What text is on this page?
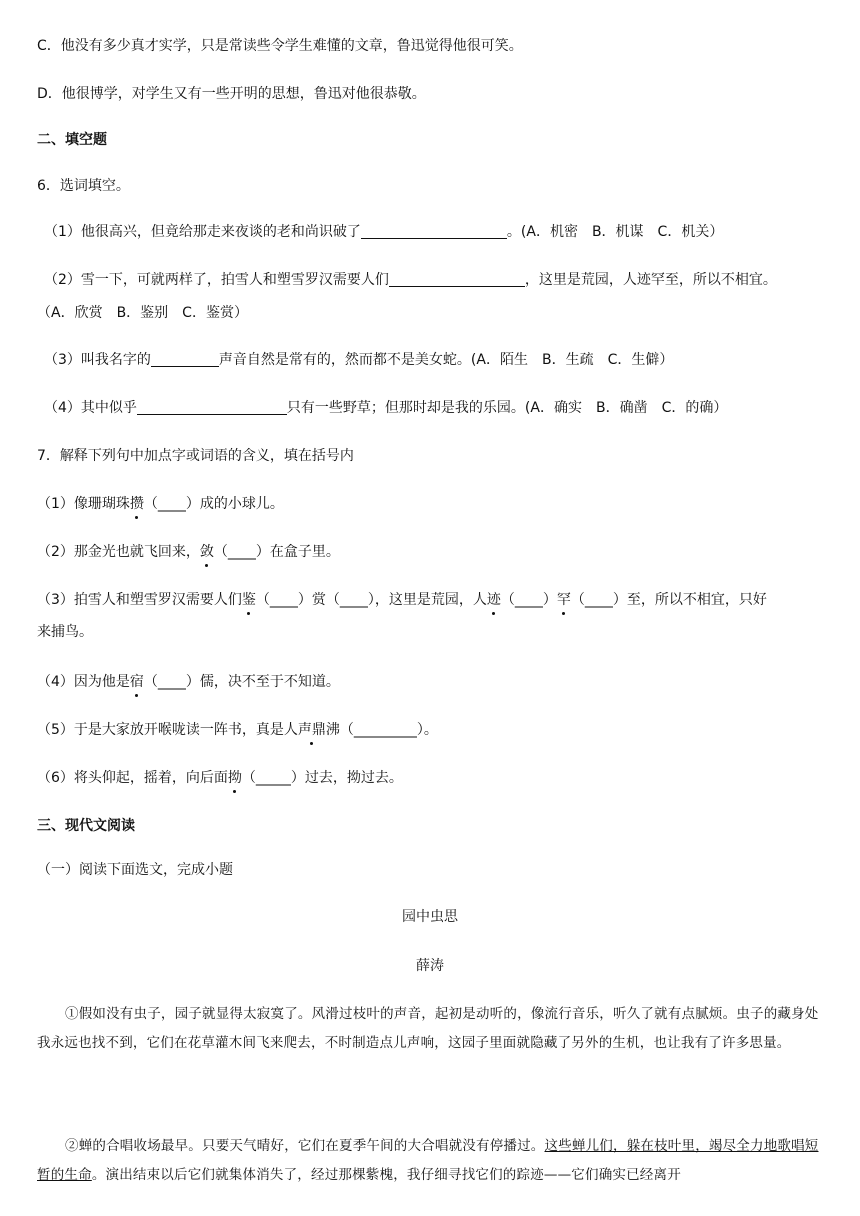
C．他没有多少真才实学，只是常读些令学生难懂的文章，鲁迅觉得他很可笑。
D．他很博学，对学生又有一些开明的思想，鲁迅对他很恭敬。
二、填空题
6．选词填空。
（1）他很高兴，但竟给那走来夜谈的老和尚识破了	。(A．机密　B．机谋　C．机关）
（2）雪一下，可就两样了，拍雪人和塑雪罗汉需要人们	，这里是荒园，人迹罕至，所以不相宜。
（A．欣赏　B．鉴别　C．鉴赏）
（3）叫我名字的	声音自然是常有的，然而都不是美女蛇。(A．陌生　B．生疏　C．生僻）
（4）其中似乎	只有一些野草；但那时却是我的乐园。(A．确实　B．确凿　C．的确）
7．解释下列句中加点字或词语的含义，填在括号内
（1）像珊瑚珠攒（____）成的小球儿。
（2）那金光也就飞回来，敛（____）在盒子里。
（3）拍雪人和塑雪罗汉需要人们鉴（____）赏（____），这里是荒园，人迹（____）罕（____）至，所以不相宜，只好
来捕鸟。
（4）因为他是宿（____）儒，决不至于不知道。
（5）于是大家放开喉咙读一阵书，真是人声鼎沸（_________）。
（6）将头仰起，摇着，向后面拗（_____）过去，拗过去。
三、现代文阅读
（一）阅读下面选文，完成小题
园中虫思
薛涛
①假如没有虫子，园子就显得太寂寞了。风滑过枝叶的声音，起初是动听的，像流行音乐，听久了就有点腻烦。虫子的藏身处我永远也找不到，它们在花草灌木间飞来爬去，不时制造点儿声响，这园子里面就隐藏了另外的生机，也让我有了许多思量。
②蝉的合唱收场最早。只要天气晴好，它们在夏季午间的大合唱就没有停播过。这些蝉儿们，躲在枝叶里，竭尽全力地歌唱短暂的生命。演出结束以后它们就集体消失了，经过那棵紫槐，我仔细寻找它们的踪迹——它们确实已经离开
